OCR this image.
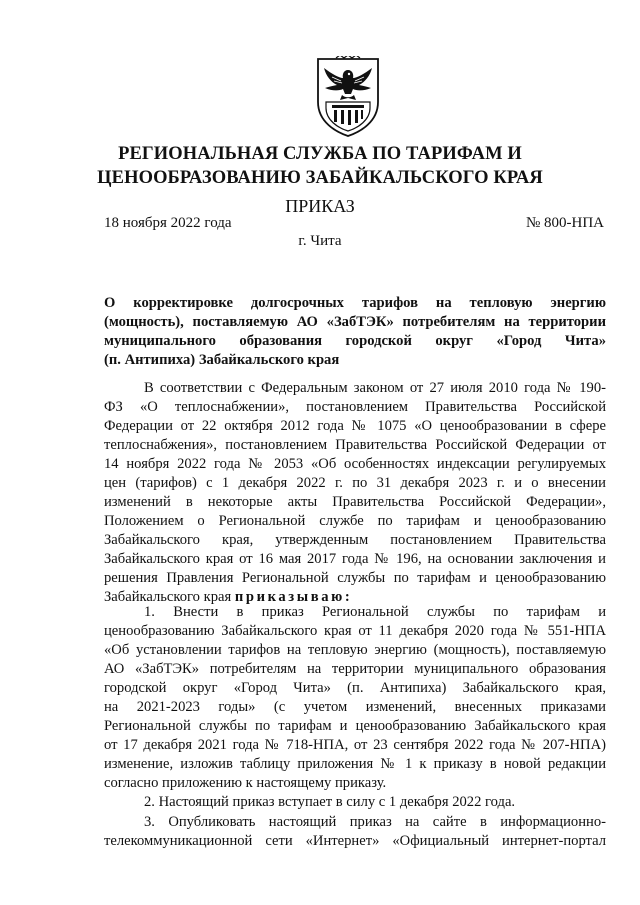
РЕГИОНАЛЬНАЯ СЛУЖБА ПО ТАРИФАМ И
ЦЕНООБРАЗОВАНИЮ ЗАБАЙКАЛЬСКОГО КРАЯ
ПРИКАЗ
18 ноября 2022 года	№ 800-НПА
г. Чита
О корректировке долгосрочных тарифов на тепловую энергию
(мощность), поставляемую АО «ЗабТЭК» потребителям на территории
муниципального образования городской округ «Город Чита»
(п. Антипиха) Забайкальского края
В соответствии с Федеральным законом от 27 июля 2010 года № 190-
ФЗ «О теплоснабжении», постановлением Правительства Российской
Федерации от 22 октября 2012 года № 1075 «О ценообразовании в сфере
теплоснабжения», постановлением Правительства Российской Федерации от
14 ноября 2022 года № 2053 «Об особенностях индексации регулируемых
цен (тарифов) с 1 декабря 2022 г. по 31 декабря 2023 г. и о внесении
изменений в некоторые акты Правительства Российской Федерации»,
Положением о Региональной службе по тарифам и ценообразованию
Забайкальского края, утвержденным постановлением Правительства
Забайкальского края от 16 мая 2017 года № 196, на основании заключения и
решения Правления Региональной службы по тарифам и ценообразованию
Забайкальского края приказываю:
1. Внести в приказ Региональной службы по тарифам и
ценообразованию Забайкальского края от 11 декабря 2020 года № 551-НПА
«Об установлении тарифов на тепловую энергию (мощность), поставляемую
АО «ЗабТЭК» потребителям на территории муниципального образования
городской округ «Город Чита» (п. Антипиха) Забайкальского края,
на 2021-2023 годы» (с учетом изменений, внесенных приказами
Региональной службы по тарифам и ценообразованию Забайкальского края
от 17 декабря 2021 года № 718-НПА, от 23 сентября 2022 года № 207-НПА)
изменение, изложив таблицу приложения № 1 к приказу в новой редакции
согласно приложению к настоящему приказу.
2. Настоящий приказ вступает в силу с 1 декабря 2022 года.
3. Опубликовать настоящий приказ на сайте в информационно-
телекоммуникационной сети «Интернет» «Официальный интернет-портал
